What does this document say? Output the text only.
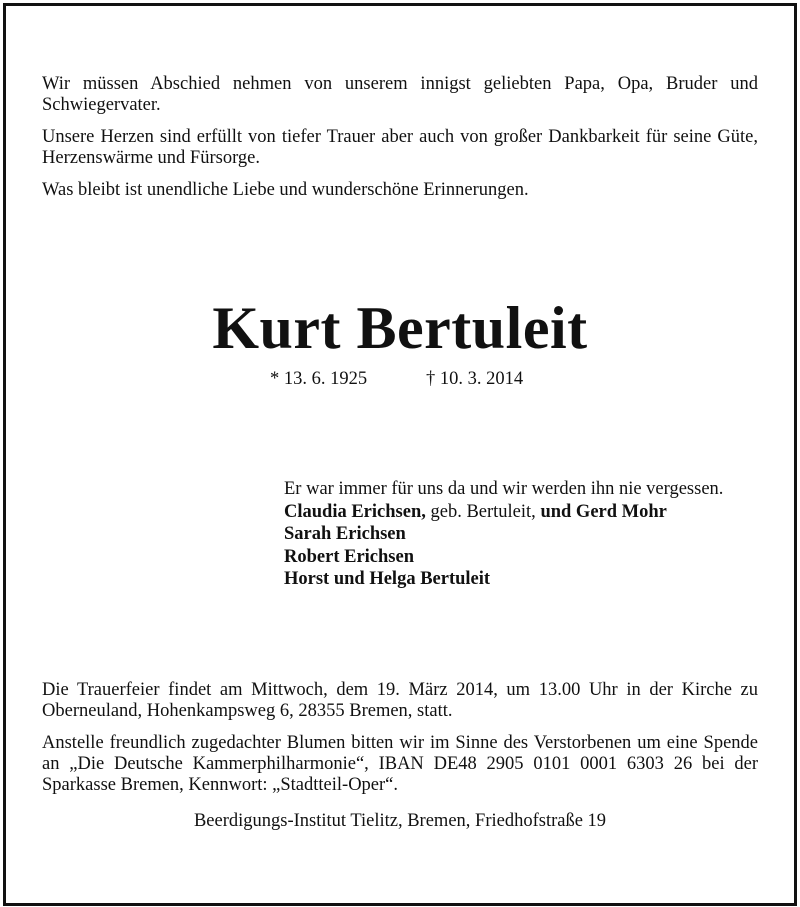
Wir müssen Abschied nehmen von unserem innigst geliebten Papa, Opa, Bruder und Schwiegervater.

Unsere Herzen sind erfüllt von tiefer Trauer aber auch von großer Dankbarkeit für seine Güte, Herzenswärme und Fürsorge.

Was bleibt ist unendliche Liebe und wunderschöne Erinnerungen.

Kurt Bertuleit
* 13. 6. 1925	† 10. 3. 2014
Er war immer für uns da und wir werden ihn nie vergessen.
Claudia Erichsen, geb. Bertuleit, und Gerd Mohr
Sarah Erichsen
Robert Erichsen
Horst und Helga Bertuleit

Die Trauerfeier findet am Mittwoch, dem 19. März 2014, um 13.00 Uhr in der Kirche zu Oberneuland, Hohenkampsweg 6, 28355 Bremen, statt.

Anstelle freundlich zugedachter Blumen bitten wir im Sinne des Verstorbenen um eine Spende an „Die Deutsche Kammerphilharmonie“, IBAN DE48 2905 0101 0001 6303 26 bei der Sparkasse Bremen, Kennwort: „Stadtteil-Oper“.

Beerdigungs-Institut Tielitz, Bremen, Friedhofstraße 19
